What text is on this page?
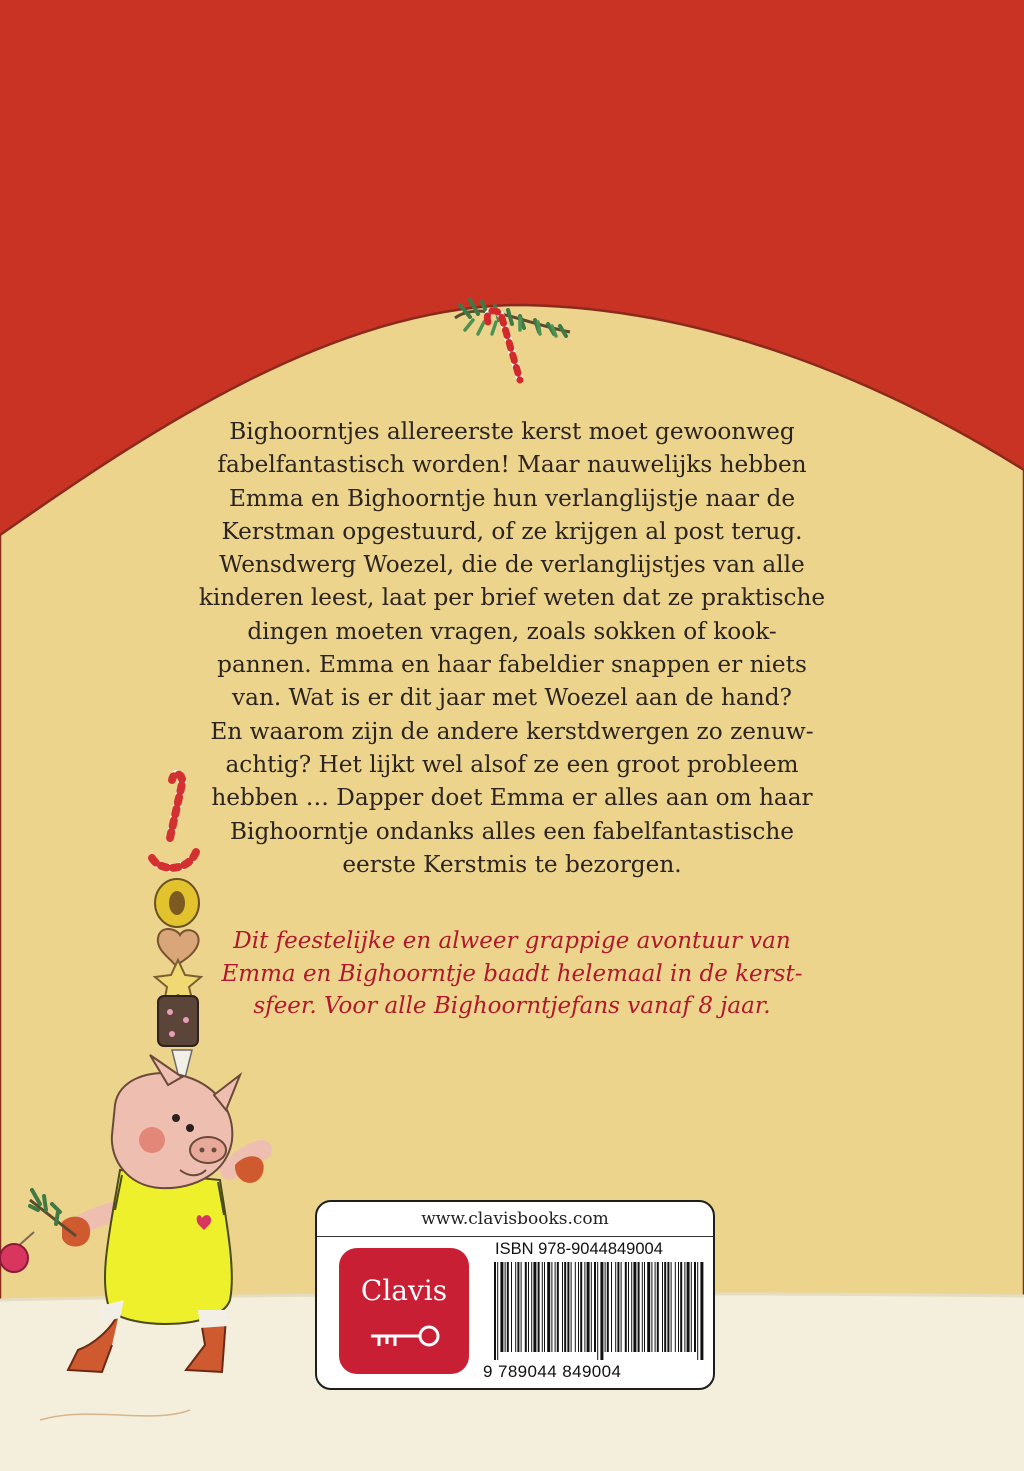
Bighoorntjes allereerste kerst moet gewoonweg
fabelfantastisch worden! Maar nauwelijks hebben
Emma en Bighoorntje hun verlanglijstje naar de
Kerstman opgestuurd, of ze krijgen al post terug.
Wensdwerg Woezel, die de verlanglijstjes van alle
kinderen leest, laat per brief weten dat ze praktische
dingen moeten vragen, zoals sokken of kook-
pannen. Emma en haar fabeldier snappen er niets
van. Wat is er dit jaar met Woezel aan de hand?
En waarom zijn de andere kerstdwergen zo zenuw-
achtig? Het lijkt wel alsof ze een groot probleem
hebben … Dapper doet Emma er alles aan om haar
Bighoorntje ondanks alles een fabelfantastische
eerste Kerstmis te bezorgen.

Dit feestelijke en alweer grappige avontuur van
Emma en Bighoorntje baadt helemaal in de kerst-
sfeer. Voor alle Bighoorntjefans vanaf 8 jaar.

www.clavisbooks.com
Clavis
ISBN 978-9044849004
9 789044 849004
